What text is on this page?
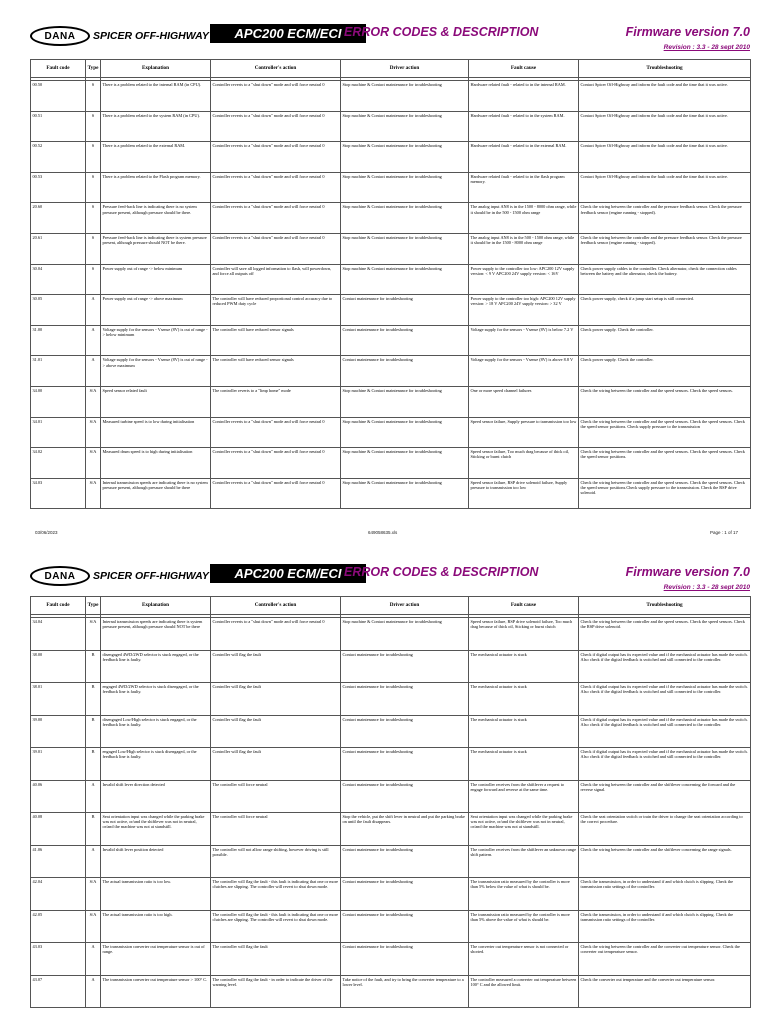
DANA	SPICER OFF-HIGHWAY	APC200 ECM/ECI ERROR CODES & DESCRIPTION	Firmware version 7.0
Revision : 3.3 - 28 sept 2010
Fault code	Type	Explanation	Controller's action	Driver action	Fault cause	Troubleshooting

00.50	S	There is a problem related to the internal RAM (in CPU).	Controller reverts to a "shut down" mode and will force neutral 0	Stop machine & Contact maintenance for troubleshooting	Hardware related fault - related to in the internal RAM.	Contact Spicer Off-Highway and inform the fault code and the time that it was active.
00.51	S	There is a problem related to the system RAM (in CPU).	Controller reverts to a "shut down" mode and will force neutral 0	Stop machine & Contact maintenance for troubleshooting	Hardware related fault - related to in the system RAM.	Contact Spicer Off-Highway and inform the fault code and the time that it was active.
00.52	S	There is a problem related to the external RAM.	Controller reverts to a "shut down" mode and will force neutral 0	Stop machine & Contact maintenance for troubleshooting	Hardware related fault - related to in the external RAM.	Contact Spicer Off-Highway and inform the fault code and the time that it was active.
00.53	S	There is a problem related to the Flash program memory.	Controller reverts to a "shut down" mode and will force neutral 0	Stop machine & Contact maintenance for troubleshooting	Hardware related fault - related to in the flash program memory.	Contact Spicer Off-Highway and inform the fault code and the time that it was active.
20.60	S	Pressure feed-back line is indicating there is no system pressure present, although pressure should be there.	Controller reverts to a "shut down" mode and will force neutral 0	Stop machine & Contact maintenance for troubleshooting	The analog input AN8 is in the 1500 - 8000 ohm range, while it should be in the 500 - 1500 ohm range	Check the wiring between the controller and the pressure feedback sensor. Check the pressure feedback sensor (engine running - stopped).
20.61	S	Pressure feed-back line is indicating there is system pressure present, although pressure should NOT be there.	Controller reverts to a "shut down" mode and will force neutral 0	Stop machine & Contact maintenance for troubleshooting	The analog input AN8 is in the 500 - 1500 ohm range, while it should be in the 1500 - 8000 ohm range	Check the wiring between the controller and the pressure feedback sensor. Check the pressure feedback sensor (engine running - stopped).
30.04	S	Power supply out of range -> below minimum	Controller will save all logged information to flash, will powerdown, and force all outputs off	Stop machine & Contact maintenance for troubleshooting	Power supply to the controller too low: APC200 12V supply version: < 9 V APC200 24V supply version: < 16V	Check power supply cables to the controller. Check alternator, check the connection cables between the battery and the alternator, check the battery.
30.05	A	Power supply out of range -> above maximum	The controller will have reduced proportional control accuracy due to reduced PWM duty cycle	Contact maintenance for troubleshooting	Power supply to the controller too high: APC200 12V supply version: > 18 V APC200 24V supply version: > 32 V	Check power supply, check if a jump start setup is still connected.
31.00	A	Voltage supply for the sensors - Vsense (8V) is out of range -> below minimum	The controller will have reduced sensor signals	Contact maintenance for troubleshooting	Voltage supply for the sensors - Vsense (8V) is below 7.2 V	Check power supply. Check the controller.
31.01	A	Voltage supply for the sensors - Vsense (8V) is out of range -> above maximum	The controller will have reduced sensor signals	Contact maintenance for troubleshooting	Voltage supply for the sensors - Vsense (8V) is above 8.8 V	Check power supply. Check the controller.
34.00	S/A	Speed sensor related fault	The controller reverts to a "limp home" mode	Stop machine & Contact maintenance for troubleshooting	One or more speed channel failures	Check the wiring between the controller and the speed sensors. Check the speed sensors.
34.01	S/A	Measured turbine speed is to low during initialisation	Controller reverts to a "shut down" mode and will force neutral 0	Stop machine & Contact maintenance for troubleshooting	Speed sensor failure, Supply pressure to transmission too low	Check the wiring between the controller and the speed sensors. Check the speed sensors. Check the speed sensor positions. Check supply pressure to the transmission
34.02	S/A	Measured drum speed is to high during initialisation	Controller reverts to a "shut down" mode and will force neutral 0	Stop machine & Contact maintenance for troubleshooting	Speed sensor failure, Too much drag because of thick oil, Sticking or burnt clutch	Check the wiring between the controller and the speed sensors. Check the speed sensors. Check the speed sensor positions.
34.03	S/A	Internal transmission speeds are indicating there is no system pressure present, although pressure should be there	Controller reverts to a "shut down" mode and will force neutral 0	Stop machine & Contact maintenance for troubleshooting	Speed sensor failure, RSP drive solenoid failure, Supply pressure to transmission too low	Check the wiring between the controller and the speed sensors. Check the speed sensors. Check the speed sensor positions.Check supply pressure to the transmission. Check the RSP drive solenoid.
03/06/2023	649058635.xls	Page : 1 of 17
DANA	SPICER OFF-HIGHWAY	APC200 ECM/ECI ERROR CODES & DESCRIPTION	Firmware version 7.0
Revision : 3.3 - 28 sept 2010
Fault code	Type	Explanation	Controller's action	Driver action	Fault cause	Troubleshooting

34.04	S/A	Internal transmission speeds are indicating there is system pressure present, although pressure should NOT be there	Controller reverts to a "shut down" mode and will force neutral 0	Stop machine & Contact maintenance for troubleshooting	Speed sensor failure, RSP drive solenoid failure, Too much drag because of thick oil, Sticking or burnt clutch	Check the wiring between the controller and the speed sensors. Check the speed sensors. Check the RSP drive solenoid.
38.00	B	disengaged 4WD/2WD selector is stuck engaged, or the feedback line is faulty.	Controller will flag the fault	Contact maintenance for troubleshooting	The mechanical actuator is stuck	Check if digital output has its expected value and if the mechanical actuator has made the switch. Also check if the digital feedback is switched and still connected to the controller.
38.01	B	engaged 4WD/2WD selector is stuck disengaged, or the feedback line is faulty.	Controller will flag the fault	Contact maintenance for troubleshooting	The mechanical actuator is stuck	Check if digital output has its expected value and if the mechanical actuator has made the switch. Also check if the digital feedback is switched and still connected to the controller.
39.00	B	disengaged Low/High selector is stuck engaged, or the feedback line is faulty.	Controller will flag the fault	Contact maintenance for troubleshooting	The mechanical actuator is stuck	Check if digital output has its expected value and if the mechanical actuator has made the switch. Also check if the digital feedback is switched and still connected to the controller.
39.01	B	engaged Low/High selector is stuck disengaged, or the feedback line is faulty.	Controller will flag the fault	Contact maintenance for troubleshooting	The mechanical actuator is stuck	Check if digital output has its expected value and if the mechanical actuator has made the switch. Also check if the digital feedback is switched and still connected to the controller.
40.06	A	Invalid shift lever direction detected	The controller will force neutral	Contact maintenance for troubleshooting	The controller receives from the shiftlever a request to engage forward and reverse at the same time.	Check the wiring between the controller and the shiftlever concerning the forward and the reverse signal.
40.08	B	Seat orientation input was changed while the parking brake was not active, or/and the shiftlever was not in neutral, or/and the machine was not at standstill.	The controller will force neutral	Stop the vehicle, put the shift lever in neutral and put the parking brake on until the fault disappears.	Seat orientation input was changed while the parking brake was not active, or/and the shiftlever was not in neutral, or/and the machine was not at standstill.	Check the seat orientation switch or train the driver to change the seat orientation according to the correct procedure.
41.06	A	Invalid shift lever position detected	The controller will not allow range shifting, however driving is still possible.	Contact maintenance for troubleshooting	The controller receives from the shiftlever an unknown range shift pattern.	Check the wiring between the controller and the shiftlever concerning the range signals.
42.04	S/A	The actual transmission ratio is too low.	The controller will flag the fault - this fault is indicating that one or more clutches are slipping. The controller will revert to shut down mode.	Contact maintenance for troubleshooting	The transmission ratio measured by the controller is more than 5% below the value of what is should be.	Check the transmission, in order to understand if and which clutch is slipping. Check the transmission ratio settings of the controller.
42.05	S/A	The actual transmission ratio is too high.	The controller will flag the fault - this fault is indicating that one or more clutches are slipping. The controller will revert to shut down mode.	Contact maintenance for troubleshooting	The transmission ratio measured by the controller is more than 5% above the value of what is should be.	Check the transmission, in order to understand if and which clutch is slipping. Check the transmission ratio settings of the controller.
43.03	A	The transmission converter out temperature sensor is out of range.	The controller will flag the fault	Contact maintenance for troubleshooting	The converter out temperature sensor is not connected or shorted.	Check the wiring between the controller and the converter out temperature sensor. Check the converter out temperature sensor.
43.07	A	The transmission converter out temperature sensor > 100° C.	The controller will flag the fault - in order to indicate the driver of the warning level.	Take notice of the fault, and try to bring the converter temperature to a lower level.	The controller measured a converter out temperature between 100° C and the allowed limit.	Check the converter out temperature and the converter out temperature sensor.
